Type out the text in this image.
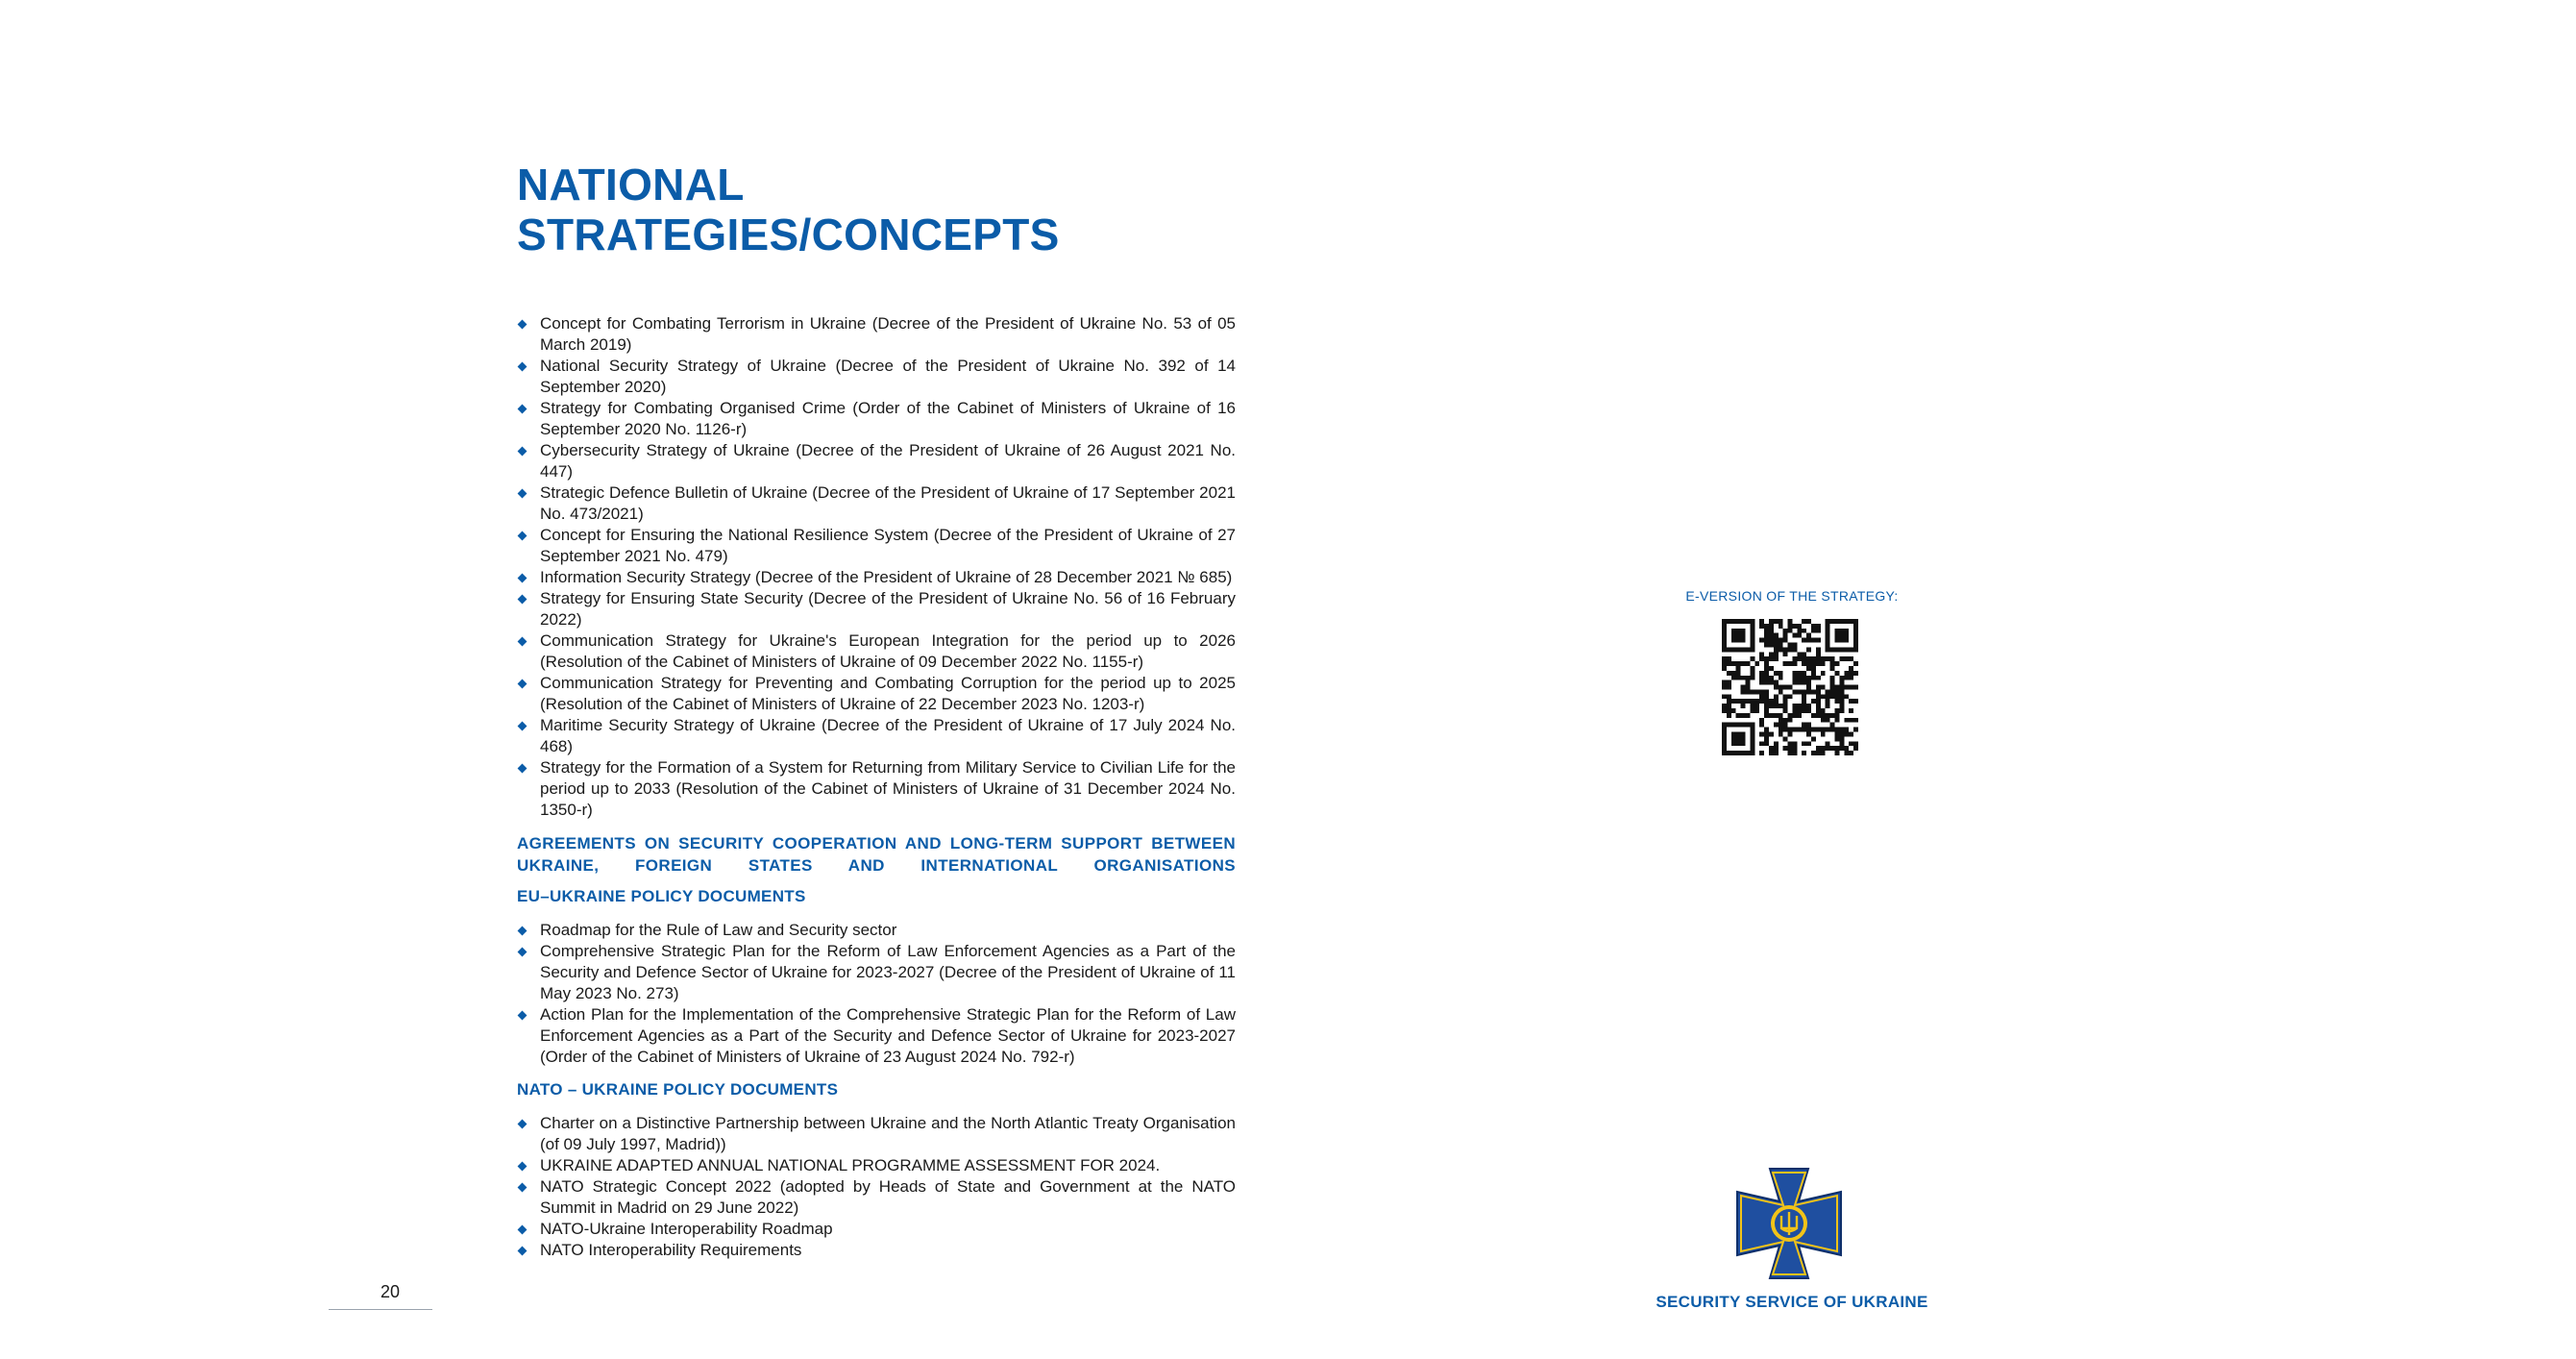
NATIONAL
STRATEGIES/CONCEPTS
Concept for Combating Terrorism in Ukraine (Decree of the President of Ukraine No. 53 of 05 March 2019)
National Security Strategy of Ukraine (Decree of the President of Ukraine No. 392 of 14 September 2020)
Strategy for Combating Organised Crime (Order of the Cabinet of Ministers of Ukraine of 16 September 2020 No. 1126-r)
Cybersecurity Strategy of Ukraine (Decree of the President of Ukraine of 26 August 2021 No. 447)
Strategic Defence Bulletin of Ukraine (Decree of the President of Ukraine of 17 September 2021 No. 473/2021)
Concept for Ensuring the National Resilience System (Decree of the President of Ukraine of 27 September 2021 No. 479)
Information Security Strategy (Decree of the President of Ukraine of 28 December 2021 № 685)
Strategy for Ensuring State Security (Decree of the President of Ukraine No. 56 of 16 February 2022)
Communication Strategy for Ukraine's European Integration for the period up to 2026 (Resolution of the Cabinet of Ministers of Ukraine of 09 December 2022 No. 1155-r)
Communication Strategy for Preventing and Combating Corruption for the period up to 2025 (Resolution of the Cabinet of Ministers of Ukraine of 22 December 2023 No. 1203-r)
Maritime Security Strategy of Ukraine (Decree of the President of Ukraine of 17 July 2024 No. 468)
Strategy for the Formation of a System for Returning from Military Service to Civilian Life for the period up to 2033 (Resolution of the Cabinet of Ministers of Ukraine of 31 December 2024 No. 1350-r)
AGREEMENTS ON SECURITY COOPERATION AND LONG-TERM SUPPORT BETWEEN UKRAINE, FOREIGN STATES AND INTERNATIONAL ORGANISATIONS
EU–UKRAINE POLICY DOCUMENTS
Roadmap for the Rule of Law and Security sector
Comprehensive Strategic Plan for the Reform of Law Enforcement Agencies as a Part of the Security and Defence Sector of Ukraine for 2023-2027 (Decree of the President of Ukraine of 11 May 2023 No. 273)
Action Plan for the Implementation of the Comprehensive Strategic Plan for the Reform of Law Enforcement Agencies as a Part of the Security and Defence Sector of Ukraine for 2023-2027 (Order of the Cabinet of Ministers of Ukraine of 23 August 2024 No. 792-r)
NATO – UKRAINE POLICY DOCUMENTS
Charter on a Distinctive Partnership between Ukraine and the North Atlantic Treaty Organisation (of 09 July 1997, Madrid))
UKRAINE ADAPTED ANNUAL NATIONAL PROGRAMME ASSESSMENT FOR 2024.
NATO Strategic Concept 2022 (adopted by Heads of State and Government at the NATO Summit in Madrid on 29 June 2022)
NATO-Ukraine Interoperability Roadmap
NATO Interoperability Requirements
20
E-VERSION OF THE STRATEGY:
SECURITY SERVICE OF UKRAINE
